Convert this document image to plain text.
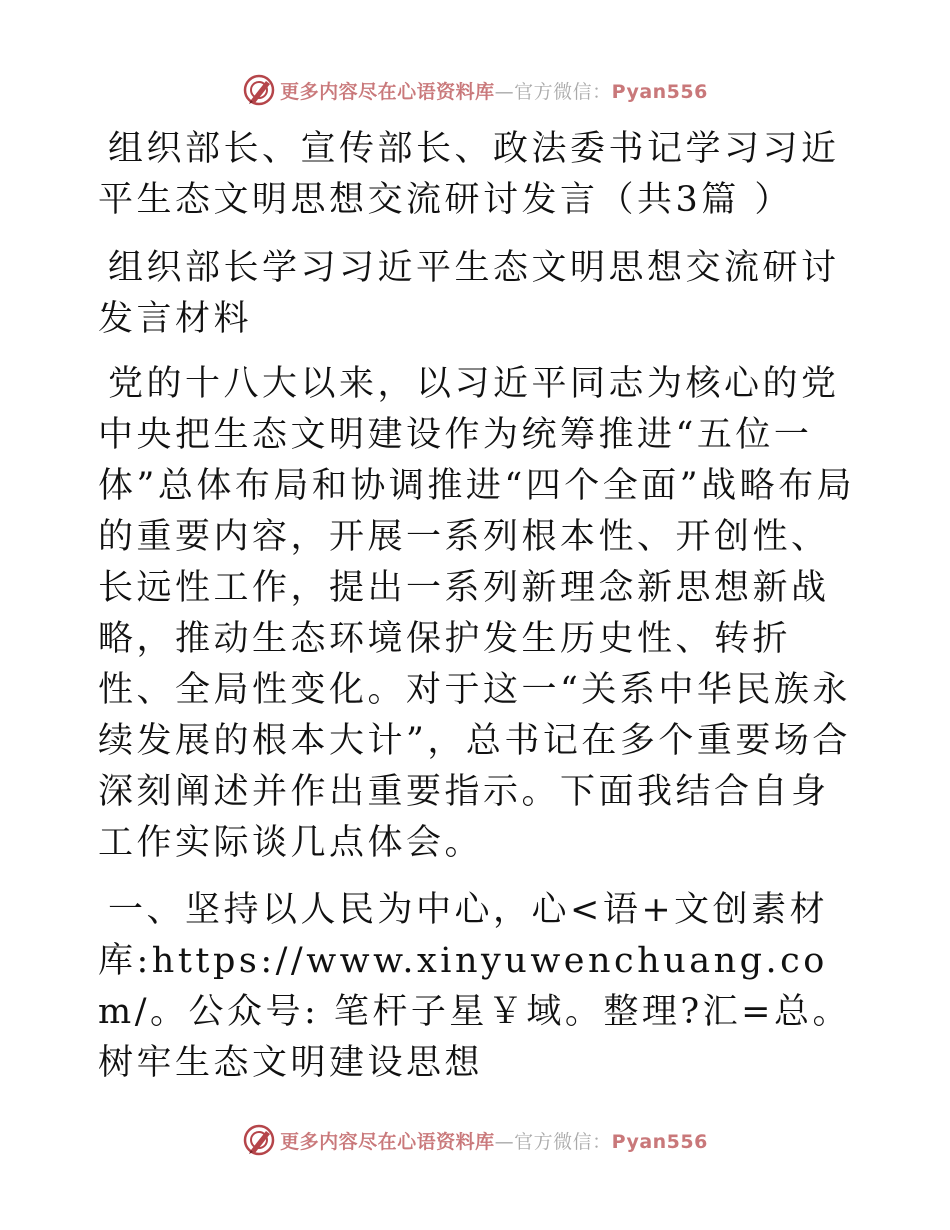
更多内容尽在心语资料库—官方微信：Pyan556

组织部长、宣传部长、政法委书记学习习近平生态文明思想交流研讨发言（共3篇 ）

组织部长学习习近平生态文明思想交流研讨发言材料

党的十八大以来，以习近平同志为核心的党中央把生态文明建设作为统筹推进“五位一体”总体布局和协调推进“四个全面”战略布局的重要内容，开展一系列根本性、开创性、长远性工作，提出一系列新理念新思想新战略，推动生态环境保护发生历史性、转折性、全局性变化。对于这一“关系中华民族永续发展的根本大计”，总书记在多个重要场合深刻阐述并作出重要指示。下面我结合自身工作实际谈几点体会。

一、坚持以人民为中心，心<语+文创素材库:https://www.xinyuwenchuang.com/。公众号: 笔杆子星￥域。整理?汇=总。树牢生态文明建设思想

更多内容尽在心语资料库—官方微信：Pyan556
